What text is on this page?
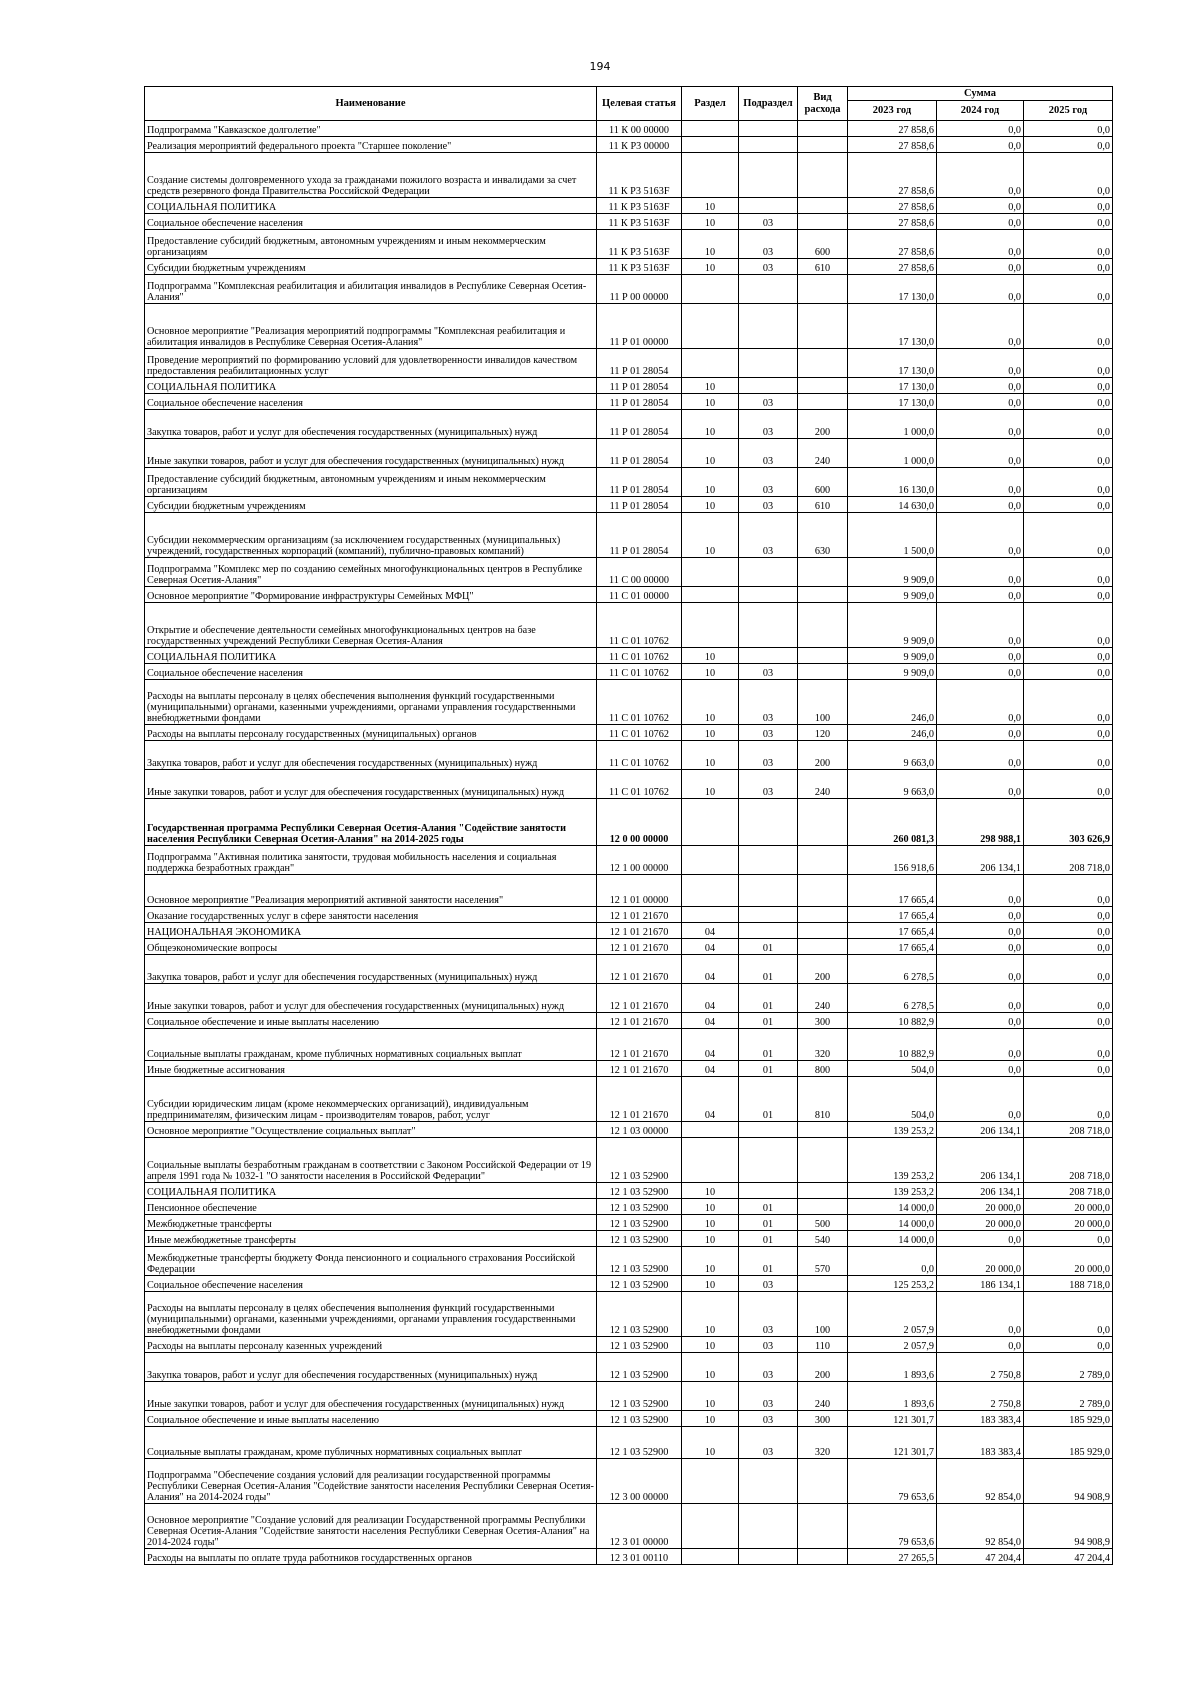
194
Наименование	Целевая статья	Раздел	Подраздел	Вид расхода	Сумма		
					2023 год	2024 год	2025 год
Подпрограмма "Кавказское долголетие"	11 К 00 00000				27 858,6	0,0	0,0
Реализация мероприятий федерального проекта "Старшее поколение"	11 К Р3 00000				27 858,6	0,0	0,0
Создание системы долговременного ухода за гражданами пожилого возраста и инвалидами за счет средств резервного фонда Правительства Российской Федерации	11 К Р3 5163F				27 858,6	0,0	0,0
СОЦИАЛЬНАЯ ПОЛИТИКА	11 К Р3 5163F	10			27 858,6	0,0	0,0
Социальное обеспечение населения	11 К Р3 5163F	10	03		27 858,6	0,0	0,0
Предоставление субсидий бюджетным, автономным учреждениям и иным некоммерческим организациям	11 К Р3 5163F	10	03	600	27 858,6	0,0	0,0
Субсидии бюджетным учреждениям	11 К Р3 5163F	10	03	610	27 858,6	0,0	0,0
Подпрограмма "Комплексная реабилитация и абилитация инвалидов в Республике Северная Осетия-Алания"	11 Р 00 00000				17 130,0	0,0	0,0
Основное мероприятие "Реализация мероприятий подпрограммы "Комплексная реабилитация и абилитация инвалидов в Республике Северная Осетия-Алания"	11 Р 01 00000				17 130,0	0,0	0,0
Проведение мероприятий по формированию условий для удовлетворенности инвалидов качеством предоставления реабилитационных услуг	11 Р 01 28054				17 130,0	0,0	0,0
СОЦИАЛЬНАЯ ПОЛИТИКА	11 Р 01 28054	10			17 130,0	0,0	0,0
Социальное обеспечение населения	11 Р 01 28054	10	03		17 130,0	0,0	0,0
Закупка товаров, работ и услуг для обеспечения государственных (муниципальных) нужд	11 Р 01 28054	10	03	200	1 000,0	0,0	0,0
Иные закупки товаров, работ и услуг для обеспечения государственных (муниципальных) нужд	11 Р 01 28054	10	03	240	1 000,0	0,0	0,0
Предоставление субсидий бюджетным, автономным учреждениям и иным некоммерческим организациям	11 Р 01 28054	10	03	600	16 130,0	0,0	0,0
Субсидии бюджетным учреждениям	11 Р 01 28054	10	03	610	14 630,0	0,0	0,0
Субсидии некоммерческим организациям (за исключением государственных (муниципальных) учреждений, государственных корпораций (компаний), публично-правовых компаний)	11 Р 01 28054	10	03	630	1 500,0	0,0	0,0
Подпрограмма "Комплекс мер по созданию семейных многофункциональных центров в Республике Северная Осетия-Алания"	11 С 00 00000				9 909,0	0,0	0,0
Основное мероприятие "Формирование инфраструктуры Семейных МФЦ"	11 С 01 00000				9 909,0	0,0	0,0
Открытие и обеспечение деятельности семейных многофункциональных центров на базе государственных учреждений Республики Северная Осетия-Алания	11 С 01 10762				9 909,0	0,0	0,0
СОЦИАЛЬНАЯ ПОЛИТИКА	11 С 01 10762	10			9 909,0	0,0	0,0
Социальное обеспечение населения	11 С 01 10762	10	03		9 909,0	0,0	0,0
Расходы на выплаты персоналу в целях обеспечения выполнения функций государственными (муниципальными) органами, казенными учреждениями, органами управления государственными внебюджетными фондами	11 С 01 10762	10	03	100	246,0	0,0	0,0
Расходы на выплаты персоналу государственных (муниципальных) органов	11 С 01 10762	10	03	120	246,0	0,0	0,0
Закупка товаров, работ и услуг для обеспечения государственных (муниципальных) нужд	11 С 01 10762	10	03	200	9 663,0	0,0	0,0
Иные закупки товаров, работ и услуг для обеспечения государственных (муниципальных) нужд	11 С 01 10762	10	03	240	9 663,0	0,0	0,0
Государственная программа Республики Северная Осетия-Алания "Содействие занятости населения Республики Северная Осетия-Алания" на 2014-2025 годы	12 0 00 00000				260 081,3	298 988,1	303 626,9
Подпрограмма "Активная политика занятости, трудовая мобильность населения и социальная поддержка безработных граждан"	12 1 00 00000				156 918,6	206 134,1	208 718,0
Основное мероприятие "Реализация мероприятий активной занятости населения"	12 1 01 00000				17 665,4	0,0	0,0
Оказание государственных услуг в сфере занятости населения	12 1 01 21670				17 665,4	0,0	0,0
НАЦИОНАЛЬНАЯ ЭКОНОМИКА	12 1 01 21670	04			17 665,4	0,0	0,0
Общеэкономические вопросы	12 1 01 21670	04	01		17 665,4	0,0	0,0
Закупка товаров, работ и услуг для обеспечения государственных (муниципальных) нужд	12 1 01 21670	04	01	200	6 278,5	0,0	0,0
Иные закупки товаров, работ и услуг для обеспечения государственных (муниципальных) нужд	12 1 01 21670	04	01	240	6 278,5	0,0	0,0
Социальное обеспечение и иные выплаты населению	12 1 01 21670	04	01	300	10 882,9	0,0	0,0
Социальные выплаты гражданам, кроме публичных нормативных социальных выплат	12 1 01 21670	04	01	320	10 882,9	0,0	0,0
Иные бюджетные ассигнования	12 1 01 21670	04	01	800	504,0	0,0	0,0
Субсидии юридическим лицам (кроме некоммерческих организаций), индивидуальным предпринимателям, физическим лицам - производителям товаров, работ, услуг	12 1 01 21670	04	01	810	504,0	0,0	0,0
Основное мероприятие "Осуществление социальных выплат"	12 1 03 00000				139 253,2	206 134,1	208 718,0
Социальные выплаты безработным гражданам в соответствии с Законом Российской Федерации от 19 апреля 1991 года № 1032-1 "О занятости населения в Российской Федерации"	12 1 03 52900				139 253,2	206 134,1	208 718,0
СОЦИАЛЬНАЯ ПОЛИТИКА	12 1 03 52900	10			139 253,2	206 134,1	208 718,0
Пенсионное обеспечение	12 1 03 52900	10	01		14 000,0	20 000,0	20 000,0
Межбюджетные трансферты	12 1 03 52900	10	01	500	14 000,0	20 000,0	20 000,0
Иные межбюджетные трансферты	12 1 03 52900	10	01	540	14 000,0	0,0	0,0
Межбюджетные трансферты бюджету Фонда пенсионного и социального страхования Российской Федерации	12 1 03 52900	10	01	570	0,0	20 000,0	20 000,0
Социальное обеспечение населения	12 1 03 52900	10	03		125 253,2	186 134,1	188 718,0
Расходы на выплаты персоналу в целях обеспечения выполнения функций государственными (муниципальными) органами, казенными учреждениями, органами управления государственными внебюджетными фондами	12 1 03 52900	10	03	100	2 057,9	0,0	0,0
Расходы на выплаты персоналу казенных учреждений	12 1 03 52900	10	03	110	2 057,9	0,0	0,0
Закупка товаров, работ и услуг для обеспечения государственных (муниципальных) нужд	12 1 03 52900	10	03	200	1 893,6	2 750,8	2 789,0
Иные закупки товаров, работ и услуг для обеспечения государственных (муниципальных) нужд	12 1 03 52900	10	03	240	1 893,6	2 750,8	2 789,0
Социальное обеспечение и иные выплаты населению	12 1 03 52900	10	03	300	121 301,7	183 383,4	185 929,0
Социальные выплаты гражданам, кроме публичных нормативных социальных выплат	12 1 03 52900	10	03	320	121 301,7	183 383,4	185 929,0
Подпрограмма "Обеспечение создания условий для реализации государственной программы Республики Северная Осетия-Алания "Содействие занятости населения Республики Северная Осетия-Алания" на 2014-2024 годы"	12 3 00 00000				79 653,6	92 854,0	94 908,9
Основное мероприятие "Создание условий для реализации Государственной программы Республики Северная Осетия-Алания "Содействие занятости населения Республики Северная Осетия-Алания" на 2014-2024 годы"	12 3 01 00000				79 653,6	92 854,0	94 908,9
Расходы на выплаты по оплате труда работников государственных органов	12 3 01 00110				27 265,5	47 204,4	47 204,4
